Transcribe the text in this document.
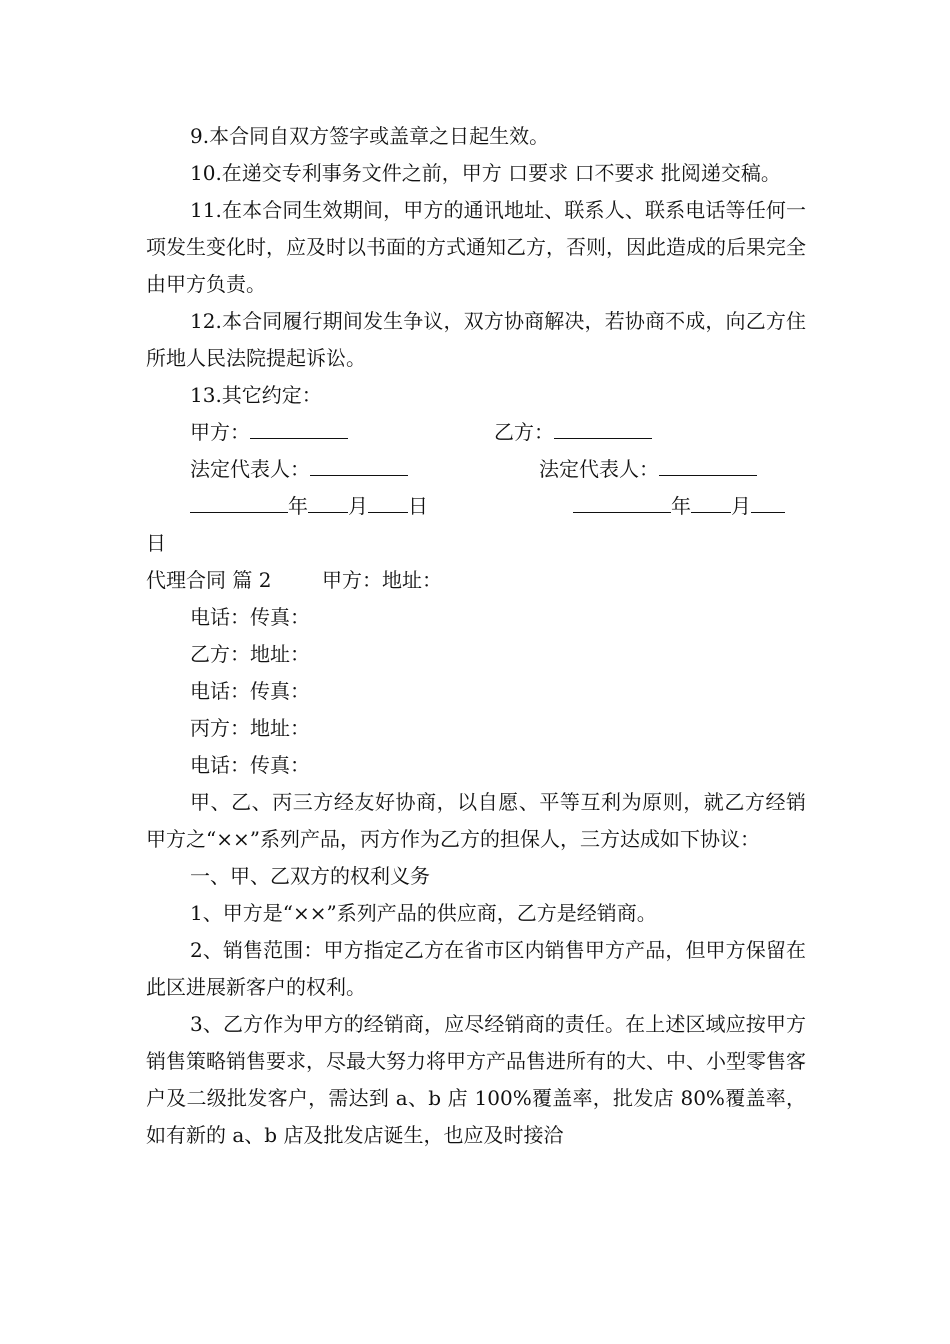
9.本合同自双方签字或盖章之日起生效。

10.在递交专利事务文件之前，甲方 口要求 口不要求 批阅递交稿。

11.在本合同生效期间，甲方的通讯地址、联系人、联系电话等任何一项发生变化时，应及时以书面的方式通知乙方，否则，因此造成的后果完全由甲方负责。

12.本合同履行期间发生争议，双方协商解决，若协商不成，向乙方住所地人民法院提起诉讼。

13.其它约定：

甲方：	乙方：
法定代表人：	法定代表人：
年 月 日	年 月
日
代理合同 篇 2	甲方：地址：

电话：传真：

乙方：地址：

电话：传真：

丙方：地址：

电话：传真：

甲、乙、丙三方经友好协商，以自愿、平等互利为原则，就乙方经销甲方之“××”系列产品，丙方作为乙方的担保人，三方达成如下协议：

一、甲、乙双方的权利义务

1、甲方是“××”系列产品的供应商，乙方是经销商。

2、销售范围：甲方指定乙方在省市区内销售甲方产品，但甲方保留在此区进展新客户的权利。

3、乙方作为甲方的经销商，应尽经销商的责任。在上述区域应按甲方销售策略销售要求，尽最大努力将甲方产品售进所有的大、中、小型零售客户及二级批发客户，需达到 a、b 店 100%覆盖率，批发店 80%覆盖率，如有新的 a、b 店及批发店诞生，也应及时接洽
